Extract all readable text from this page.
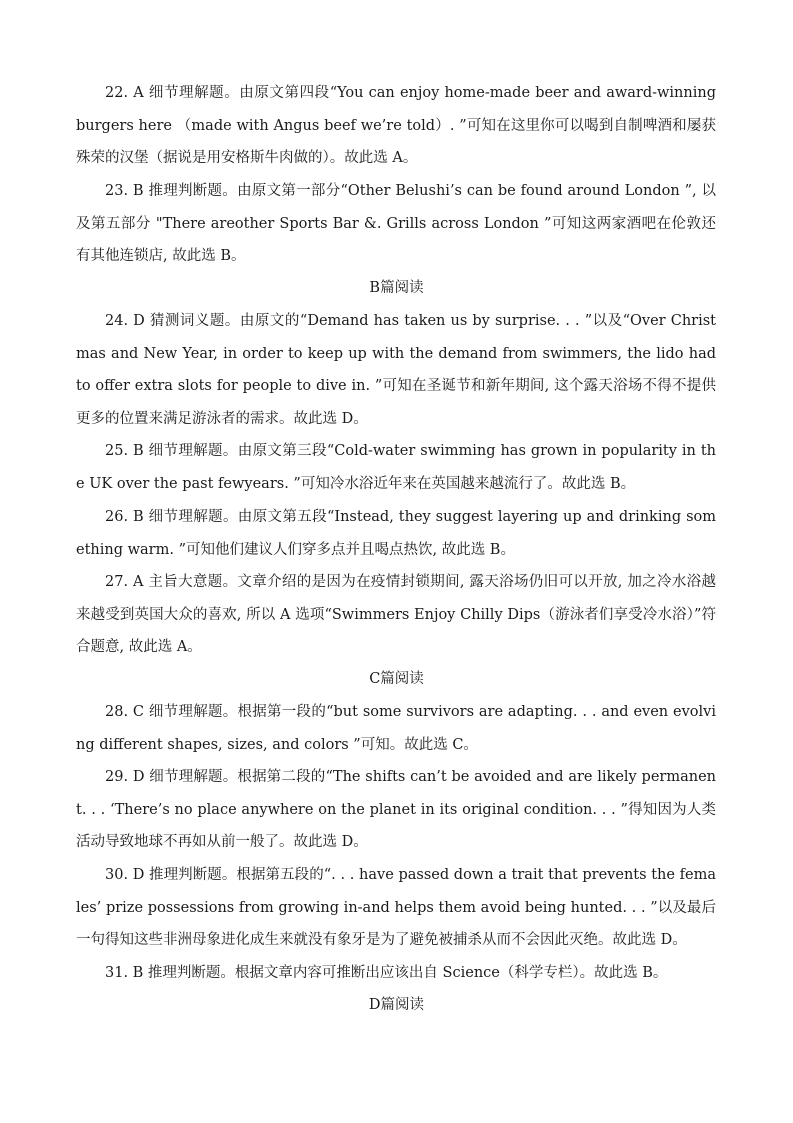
22. A 细节理解题。由原文第四段“You can enjoy home-made beer and award-winning burgers here （made with Angus beef we’re told）. ”可知在这里你可以喝到自制啤酒和屡获殊荣的汉堡（据说是用安格斯牛肉做的）。故此选 A。

23. B 推理判断题。由原文第一部分“Other Belushi’s can be found around London ”, 以及第五部分 "There areother Sports Bar &. Grills across London ”可知这两家酒吧在伦敦还有其他连锁店, 故此选 B。

B篇阅读

24. D 猜测词义题。由原文的“Demand has taken us by surprise. . . ”以及“Over Christmas and New Year, in order to keep up with the demand from swimmers, the lido had to offer extra slots for people to dive in. ”可知在圣诞节和新年期间, 这个露天浴场不得不提供更多的位置来满足游泳者的需求。故此选 D。

25. B 细节理解题。由原文第三段“Cold-water swimming has grown in popularity in the UK over the past fewyears. ”可知冷水浴近年来在英国越来越流行了。故此选 B。

26. B 细节理解题。由原文第五段“Instead, they suggest layering up and drinking something warm. ”可知他们建议人们穿多点并且喝点热饮, 故此选 B。

27. A 主旨大意题。文章介绍的是因为在疫情封锁期间, 露天浴场仍旧可以开放, 加之冷水浴越来越受到英国大众的喜欢, 所以 A 选项“Swimmers Enjoy Chilly Dips（游泳者们享受冷水浴）”符合题意, 故此选 A。

C篇阅读

28. C 细节理解题。根据第一段的“but some survivors are adapting. . . and even evolving different shapes, sizes, and colors ”可知。故此选 C。

29. D 细节理解题。根据第二段的“The shifts can’t be avoided and are likely permanent. . . ‘There’s no place anywhere on the planet in its original condition. . . ”得知因为人类活动导致地球不再如从前一般了。故此选 D。

30. D 推理判断题。根据第五段的“. . . have passed down a trait that prevents the females’ prize possessions from growing in-and helps them avoid being hunted. . . ”以及最后一句得知这些非洲母象进化成生来就没有象牙是为了避免被捕杀从而不会因此灭绝。故此选 D。

31. B 推理判断题。根据文章内容可推断出应该出自 Science（科学专栏）。故此选 B。

D篇阅读
